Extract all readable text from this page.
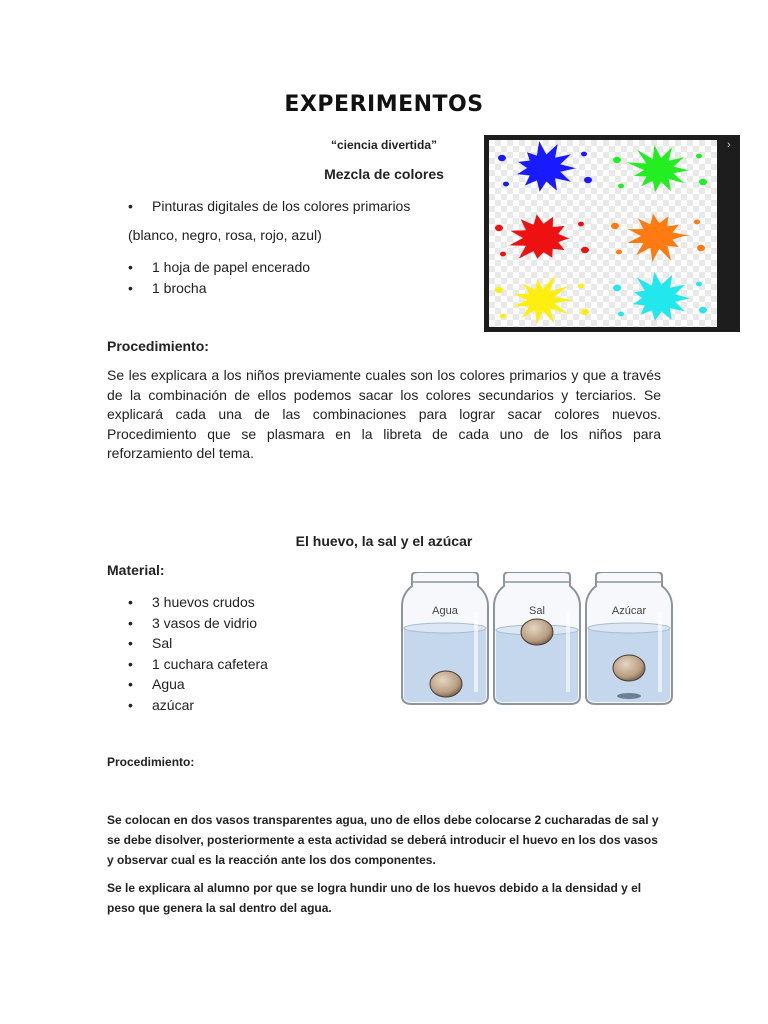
EXPERIMENTOS
“ciencia divertida”
Mezcla de colores
• Pinturas digitales de los colores primarios
(blanco, negro, rosa, rojo, azul)
• 1 hoja de papel encerado
• 1 brocha
›
Procedimiento:
Se les explicara a los niños previamente cuales son los colores primarios y que a través de la combinación de ellos podemos sacar los colores secundarios y terciarios. Se explicará cada una de las combinaciones para lograr sacar colores nuevos. Procedimiento que se plasmara en la libreta de cada uno de los niños para reforzamiento del tema.
El huevo, la sal y el azúcar
Material:
• 3 huevos crudos
• 3 vasos de vidrio
• Sal
• 1 cuchara cafetera
• Agua
• azúcar
Agua	Sal	Azúcar
Procedimiento:
Se colocan en dos vasos transparentes agua, uno de ellos debe colocarse 2 cucharadas de sal y se debe disolver, posteriormente a esta actividad se deberá introducir el huevo en los dos vasos y observar cual es la reacción ante los dos componentes.
Se le explicara al alumno por que se logra hundir uno de los huevos debido a la densidad y el peso que genera la sal dentro del agua.
